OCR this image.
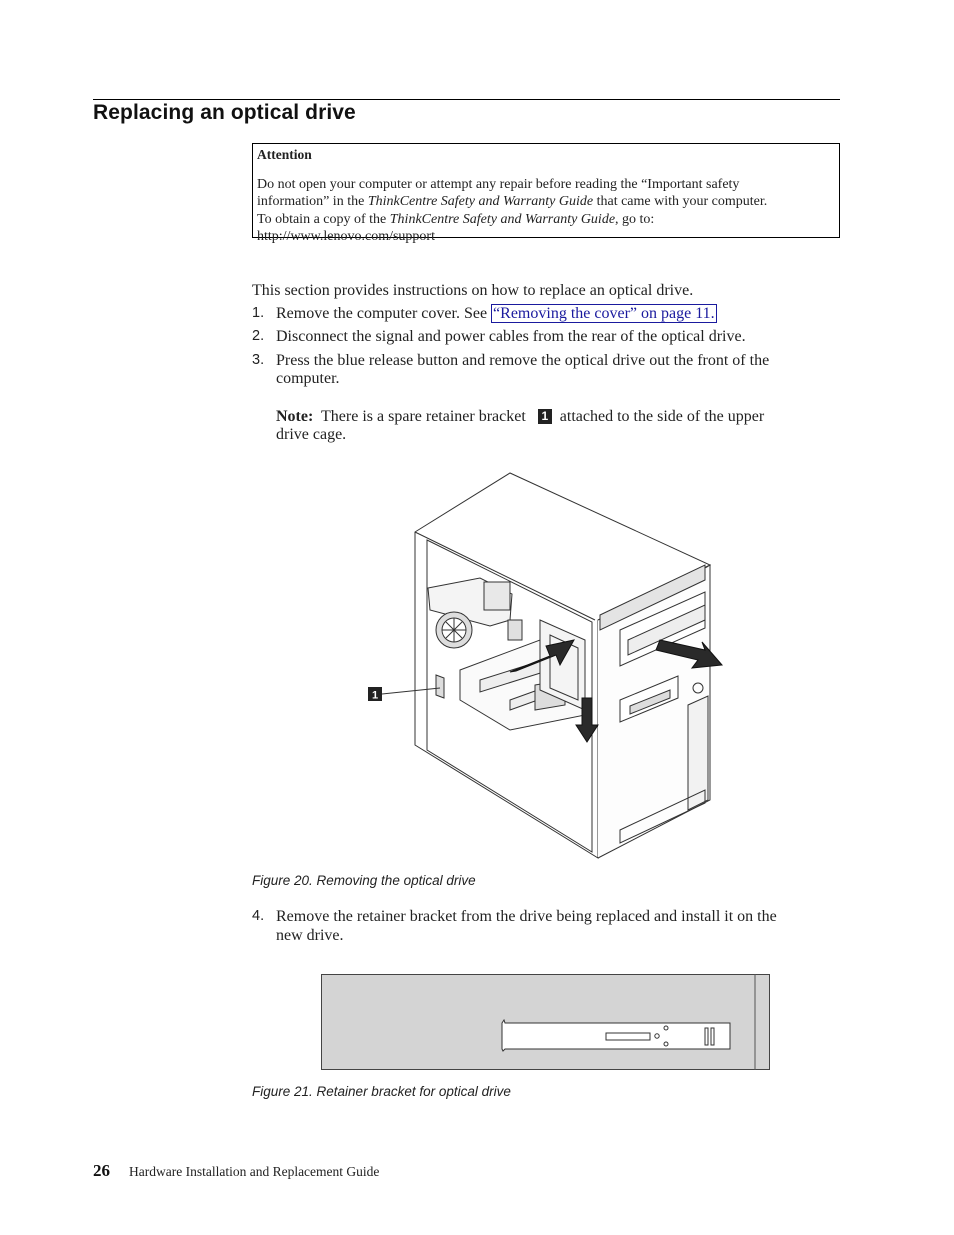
Replacing an optical drive
Attention
Do not open your computer or attempt any repair before reading the “Important safety
information” in the ThinkCentre Safety and Warranty Guide that came with your computer.
To obtain a copy of the ThinkCentre Safety and Warranty Guide, go to:
http://www.lenovo.com/support
This section provides instructions on how to replace an optical drive.
1. Remove the computer cover. See “Removing the cover” on page 11.
2. Disconnect the signal and power cables from the rear of the optical drive.
3. Press the blue release button and remove the optical drive out the front of the
computer.
Note: There is a spare retainer bracket 1 attached to the side of the upper
drive cage.
1
Figure 20. Removing the optical drive
4. Remove the retainer bracket from the drive being replaced and install it on the
new drive.
Figure 21. Retainer bracket for optical drive
26 Hardware Installation and Replacement Guide
